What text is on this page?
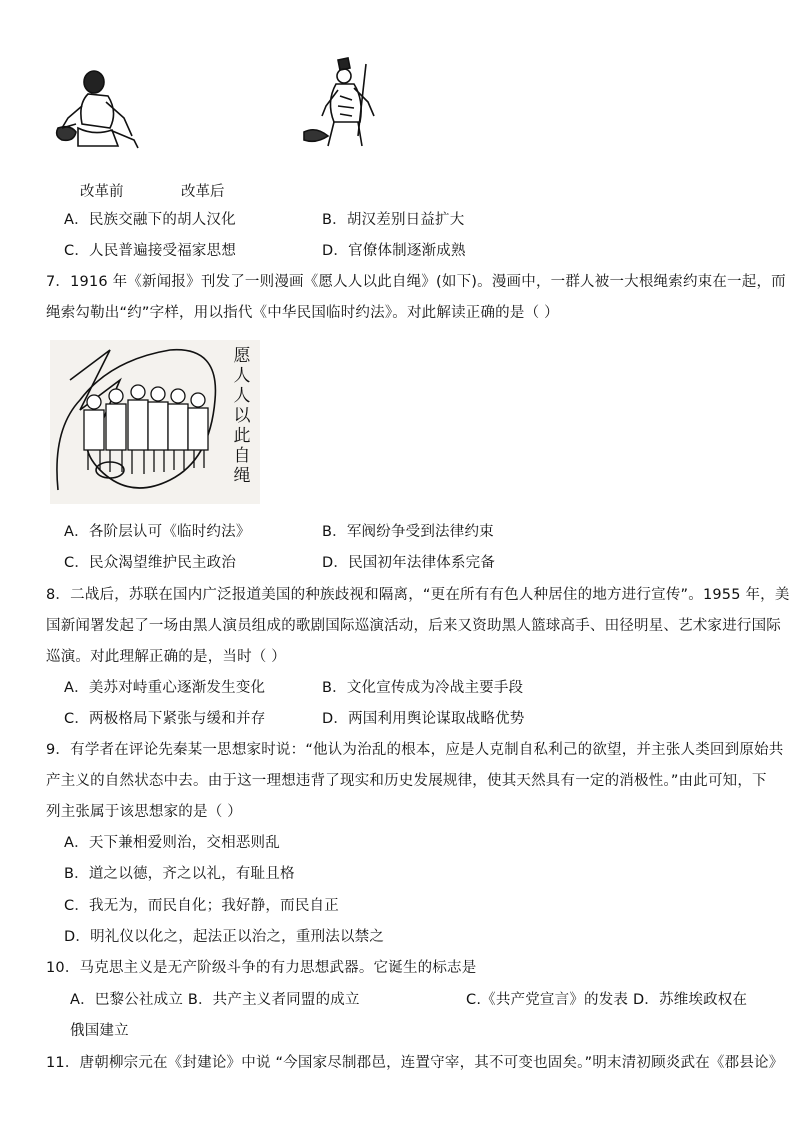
改革前	改革后
A．民族交融下的胡人汉化	B．胡汉差别日益扩大
C．人民普遍接受福家思想	D．官僚体制逐渐成熟
7．1916 年《新闻报》刊发了一则漫画《愿人人以此自绳》(如下)。漫画中，一群人被一大根绳索约束在一起，而
绳索勾勒出“约”字样，用以指代《中华民国临时约法》。对此解读正确的是（ ）
愿
人
人
以
此
自
绳
A．各阶层认可《临时约法》	B．军阀纷争受到法律约束
C．民众渴望维护民主政治	D．民国初年法律体系完备
8．二战后，苏联在国内广泛报道美国的种族歧视和隔离，“更在所有有色人种居住的地方进行宣传”。1955 年，美
国新闻署发起了一场由黑人演员组成的歌剧国际巡演活动，后来又资助黑人篮球高手、田径明星、艺术家进行国际
巡演。对此理解正确的是，当时（ ）
A．美苏对峙重心逐渐发生变化	B．文化宣传成为冷战主要手段
C．两极格局下紧张与缓和并存	D．两国利用舆论谋取战略优势
9．有学者在评论先秦某一思想家时说：“他认为治乱的根本，应是人克制自私利己的欲望，并主张人类回到原始共
产主义的自然状态中去。由于这一理想违背了现实和历史发展规律，使其天然具有一定的消极性。”由此可知，下
列主张属于该思想家的是（ ）
A．天下兼相爱则治，交相恶则乱
B．道之以德，齐之以礼，有耻且格
C．我无为，而民自化；我好静，而民自正
D．明礼仪以化之，起法正以治之，重刑法以禁之
10．马克思主义是无产阶级斗争的有力思想武器。它诞生的标志是
A．巴黎公社成立 B．共产主义者同盟的成立	C.《共产党宣言》的发表 D．苏维埃政权在
俄国建立
11．唐朝柳宗元在《封建论》中说 “今国家尽制郡邑，连置守宰，其不可变也固矣。”明末清初顾炎武在《郡县论》
